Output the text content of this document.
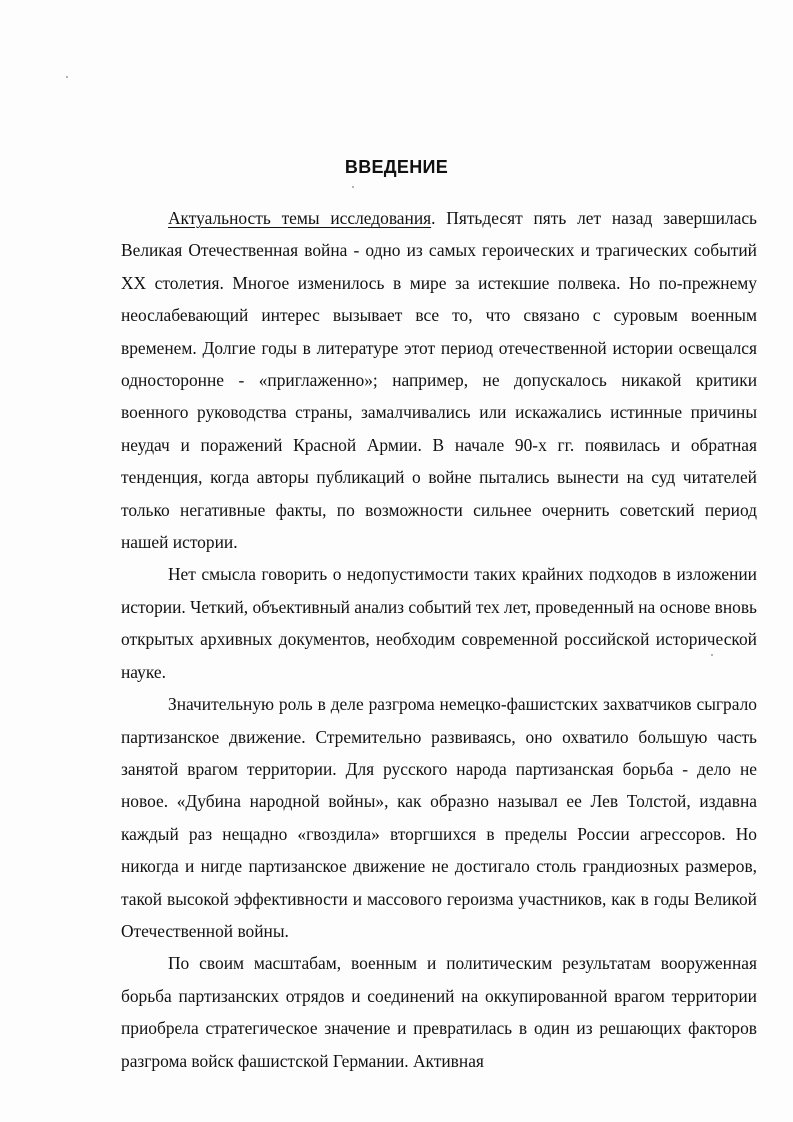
ВВЕДЕНИЕ

Актуальность темы исследования. Пятьдесят пять лет назад завершилась Великая Отечественная война - одно из самых героических и трагических событий XX столетия. Многое изменилось в мире за истекшие полвека. Но по-прежнему неослабевающий интерес вызывает все то, что связано с суровым военным временем. Долгие годы в литературе этот период отечественной истории освещался односторонне - «приглаженно»; например, не допускалось никакой критики военного руководства страны, замалчивались или искажались истинные причины неудач и поражений Красной Армии. В начале 90-х гг. появилась и обратная тенденция, когда авторы публикаций о войне пытались вынести на суд читателей только негативные факты, по возможности сильнее очернить советский период нашей истории.

Нет смысла говорить о недопустимости таких крайних подходов в изложении истории. Четкий, объективный анализ событий тех лет, проведенный на основе вновь открытых архивных документов, необходим современной российской исторической науке.

Значительную роль в деле разгрома немецко-фашистских захватчиков сыграло партизанское движение. Стремительно развиваясь, оно охватило большую часть занятой врагом территории. Для русского народа партизанская борьба - дело не новое. «Дубина народной войны», как образно называл ее Лев Толстой, издавна каждый раз нещадно «гвоздила» вторгшихся в пределы России агрессоров. Но никогда и нигде партизанское движение не достигало столь грандиозных размеров, такой высокой эффективности и массового героизма участников, как в годы Великой Отечественной войны.

По своим масштабам, военным и политическим результатам вооруженная борьба партизанских отрядов и соединений на оккупированной врагом территории приобрела стратегическое значение и превратилась в один из решающих факторов разгрома войск фашистской Германии. Активная
